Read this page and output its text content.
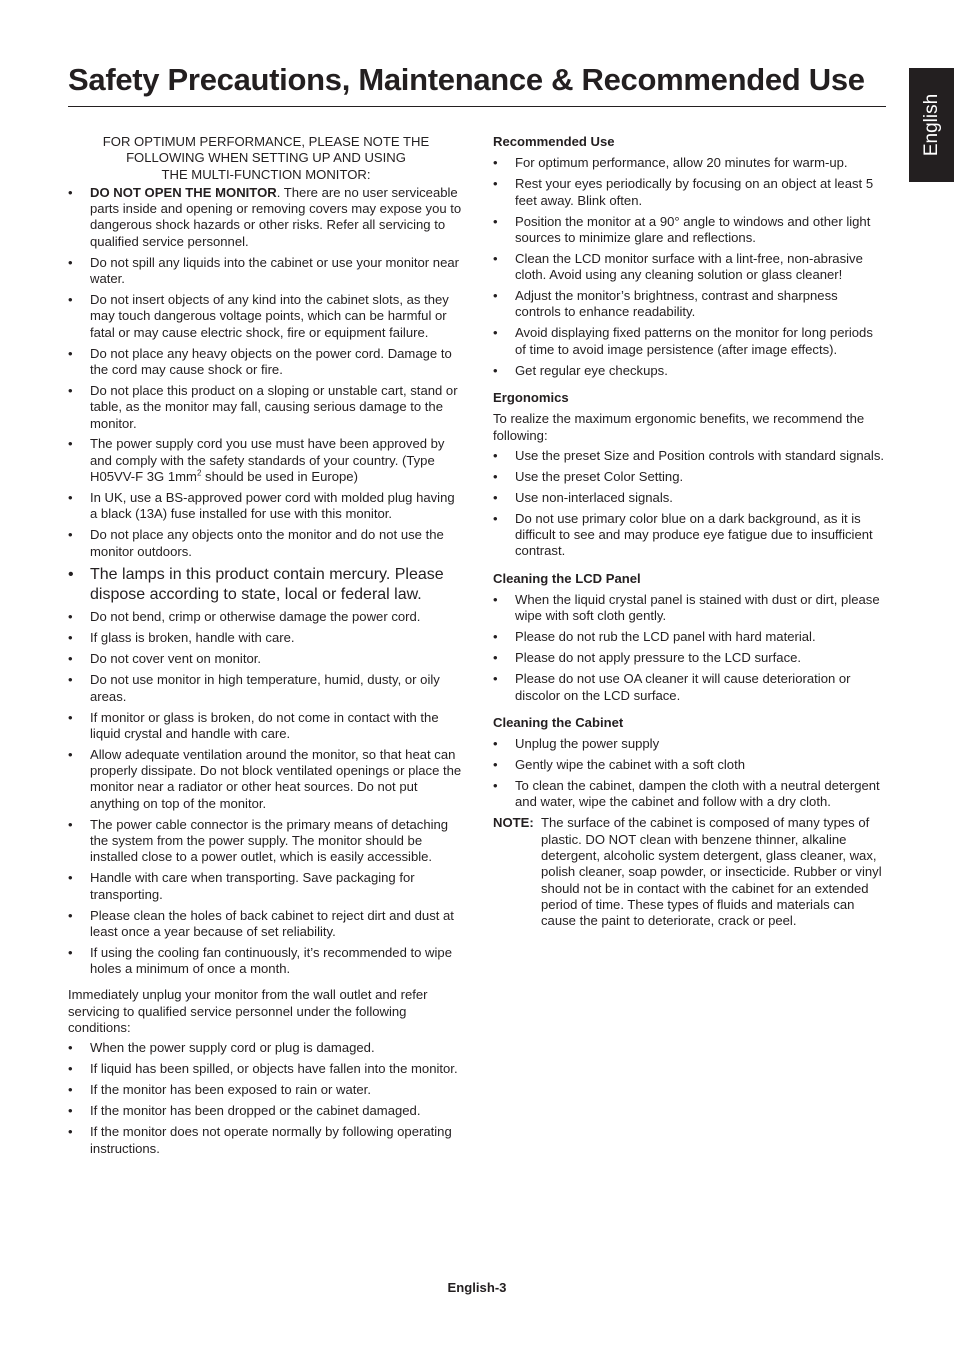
Safety Precautions, Maintenance & Recommended Use
English
FOR OPTIMUM PERFORMANCE, PLEASE NOTE THE
FOLLOWING WHEN SETTING UP AND USING
THE MULTI-FUNCTION MONITOR:
• DO NOT OPEN THE MONITOR. There are no user serviceable parts inside and opening or removing covers may expose you to dangerous shock hazards or other risks. Refer all servicing to qualified service personnel.
• Do not spill any liquids into the cabinet or use your monitor near water.
• Do not insert objects of any kind into the cabinet slots, as they may touch dangerous voltage points, which can be harmful or fatal or may cause electric shock, fire or equipment failure.
• Do not place any heavy objects on the power cord. Damage to the cord may cause shock or fire.
• Do not place this product on a sloping or unstable cart, stand or table, as the monitor may fall, causing serious damage to the monitor.
• The power supply cord you use must have been approved by and comply with the safety standards of your country. (Type H05VV-F 3G $1mm^2$ should be used in Europe)
• In UK, use a BS-approved power cord with molded plug having a black (13A) fuse installed for use with this monitor.
• Do not place any objects onto the monitor and do not use the monitor outdoors.
• The lamps in this product contain mercury. Please dispose according to state, local or federal law.
• Do not bend, crimp or otherwise damage the power cord.
• If glass is broken, handle with care.
• Do not cover vent on monitor.
• Do not use monitor in high temperature, humid, dusty, or oily areas.
• If monitor or glass is broken, do not come in contact with the liquid crystal and handle with care.
• Allow adequate ventilation around the monitor, so that heat can properly dissipate. Do not block ventilated openings or place the monitor near a radiator or other heat sources. Do not put anything on top of the monitor.
• The power cable connector is the primary means of detaching the system from the power supply. The monitor should be installed close to a power outlet, which is easily accessible.
• Handle with care when transporting. Save packaging for transporting.
• Please clean the holes of back cabinet to reject dirt and dust at least once a year because of set reliability.
• If using the cooling fan continuously, it’s recommended to wipe holes a minimum of once a month.

Immediately unplug your monitor from the wall outlet and refer servicing to qualified service personnel under the following conditions:

• When the power supply cord or plug is damaged.
• If liquid has been spilled, or objects have fallen into the monitor.
• If the monitor has been exposed to rain or water.
• If the monitor has been dropped or the cabinet damaged.
• If the monitor does not operate normally by following operating instructions.
Recommended Use
• For optimum performance, allow 20 minutes for warm-up.
• Rest your eyes periodically by focusing on an object at least 5 feet away. Blink often.
• Position the monitor at a 90° angle to windows and other light sources to minimize glare and reflections.
• Clean the LCD monitor surface with a lint-free, non-abrasive cloth. Avoid using any cleaning solution or glass cleaner!
• Adjust the monitor’s brightness, contrast and sharpness controls to enhance readability.
• Avoid displaying fixed patterns on the monitor for long periods of time to avoid image persistence (after image effects).
• Get regular eye checkups.
Ergonomics

To realize the maximum ergonomic benefits, we recommend the following:

• Use the preset Size and Position controls with standard signals.
• Use the preset Color Setting.
• Use non-interlaced signals.
• Do not use primary color blue on a dark background, as it is difficult to see and may produce eye fatigue due to insufficient contrast.
Cleaning the LCD Panel
• When the liquid crystal panel is stained with dust or dirt, please wipe with soft cloth gently.
• Please do not rub the LCD panel with hard material.
• Please do not apply pressure to the LCD surface.
• Please do not use OA cleaner it will cause deterioration or discolor on the LCD surface.
Cleaning the Cabinet
• Unplug the power supply
• Gently wipe the cabinet with a soft cloth
• To clean the cabinet, dampen the cloth with a neutral detergent and water, wipe the cabinet and follow with a dry cloth.
NOTE: The surface of the cabinet is composed of many types of plastic. DO NOT clean with benzene thinner, alkaline detergent, alcoholic system detergent, glass cleaner, wax, polish cleaner, soap powder, or insecticide. Rubber or vinyl should not be in contact with the cabinet for an extended period of time. These types of fluids and materials can cause the paint to deteriorate, crack or peel.
English-3
